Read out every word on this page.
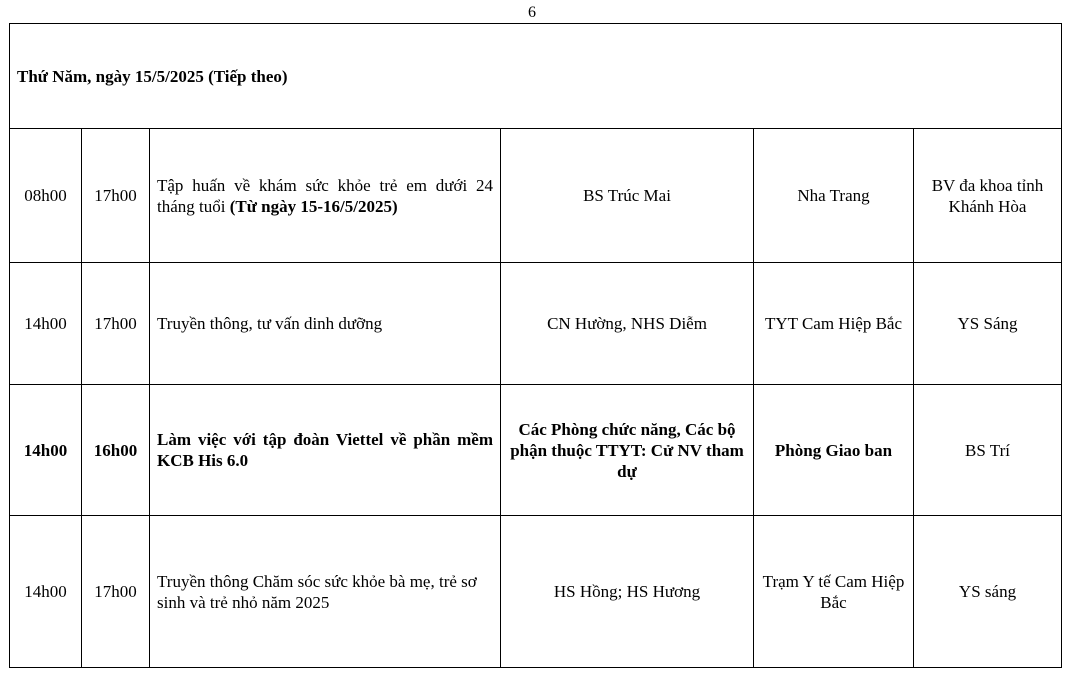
6
Thứ Năm, ngày 15/5/2025 (Tiếp theo)					
08h00	17h00	Tập huấn về khám sức khỏe trẻ em dưới 24 tháng tuổi (Từ ngày 15-16/5/2025)	BS Trúc Mai	Nha Trang	BV đa khoa tỉnh Khánh Hòa
14h00	17h00	Truyền thông, tư vấn dinh dưỡng	CN Hường, NHS Diễm	TYT Cam Hiệp Bắc	YS Sáng
14h00	16h00	Làm việc với tập đoàn Viettel về phần mềm KCB His 6.0	Các Phòng chức năng, Các bộ phận thuộc TTYT: Cử NV tham dự	Phòng Giao ban	BS Trí
14h00	17h00	Truyền thông Chăm sóc sức khỏe bà mẹ, trẻ sơ sinh và trẻ nhỏ năm 2025	HS Hồng; HS Hương	Trạm Y tế Cam Hiệp Bắc	YS sáng
